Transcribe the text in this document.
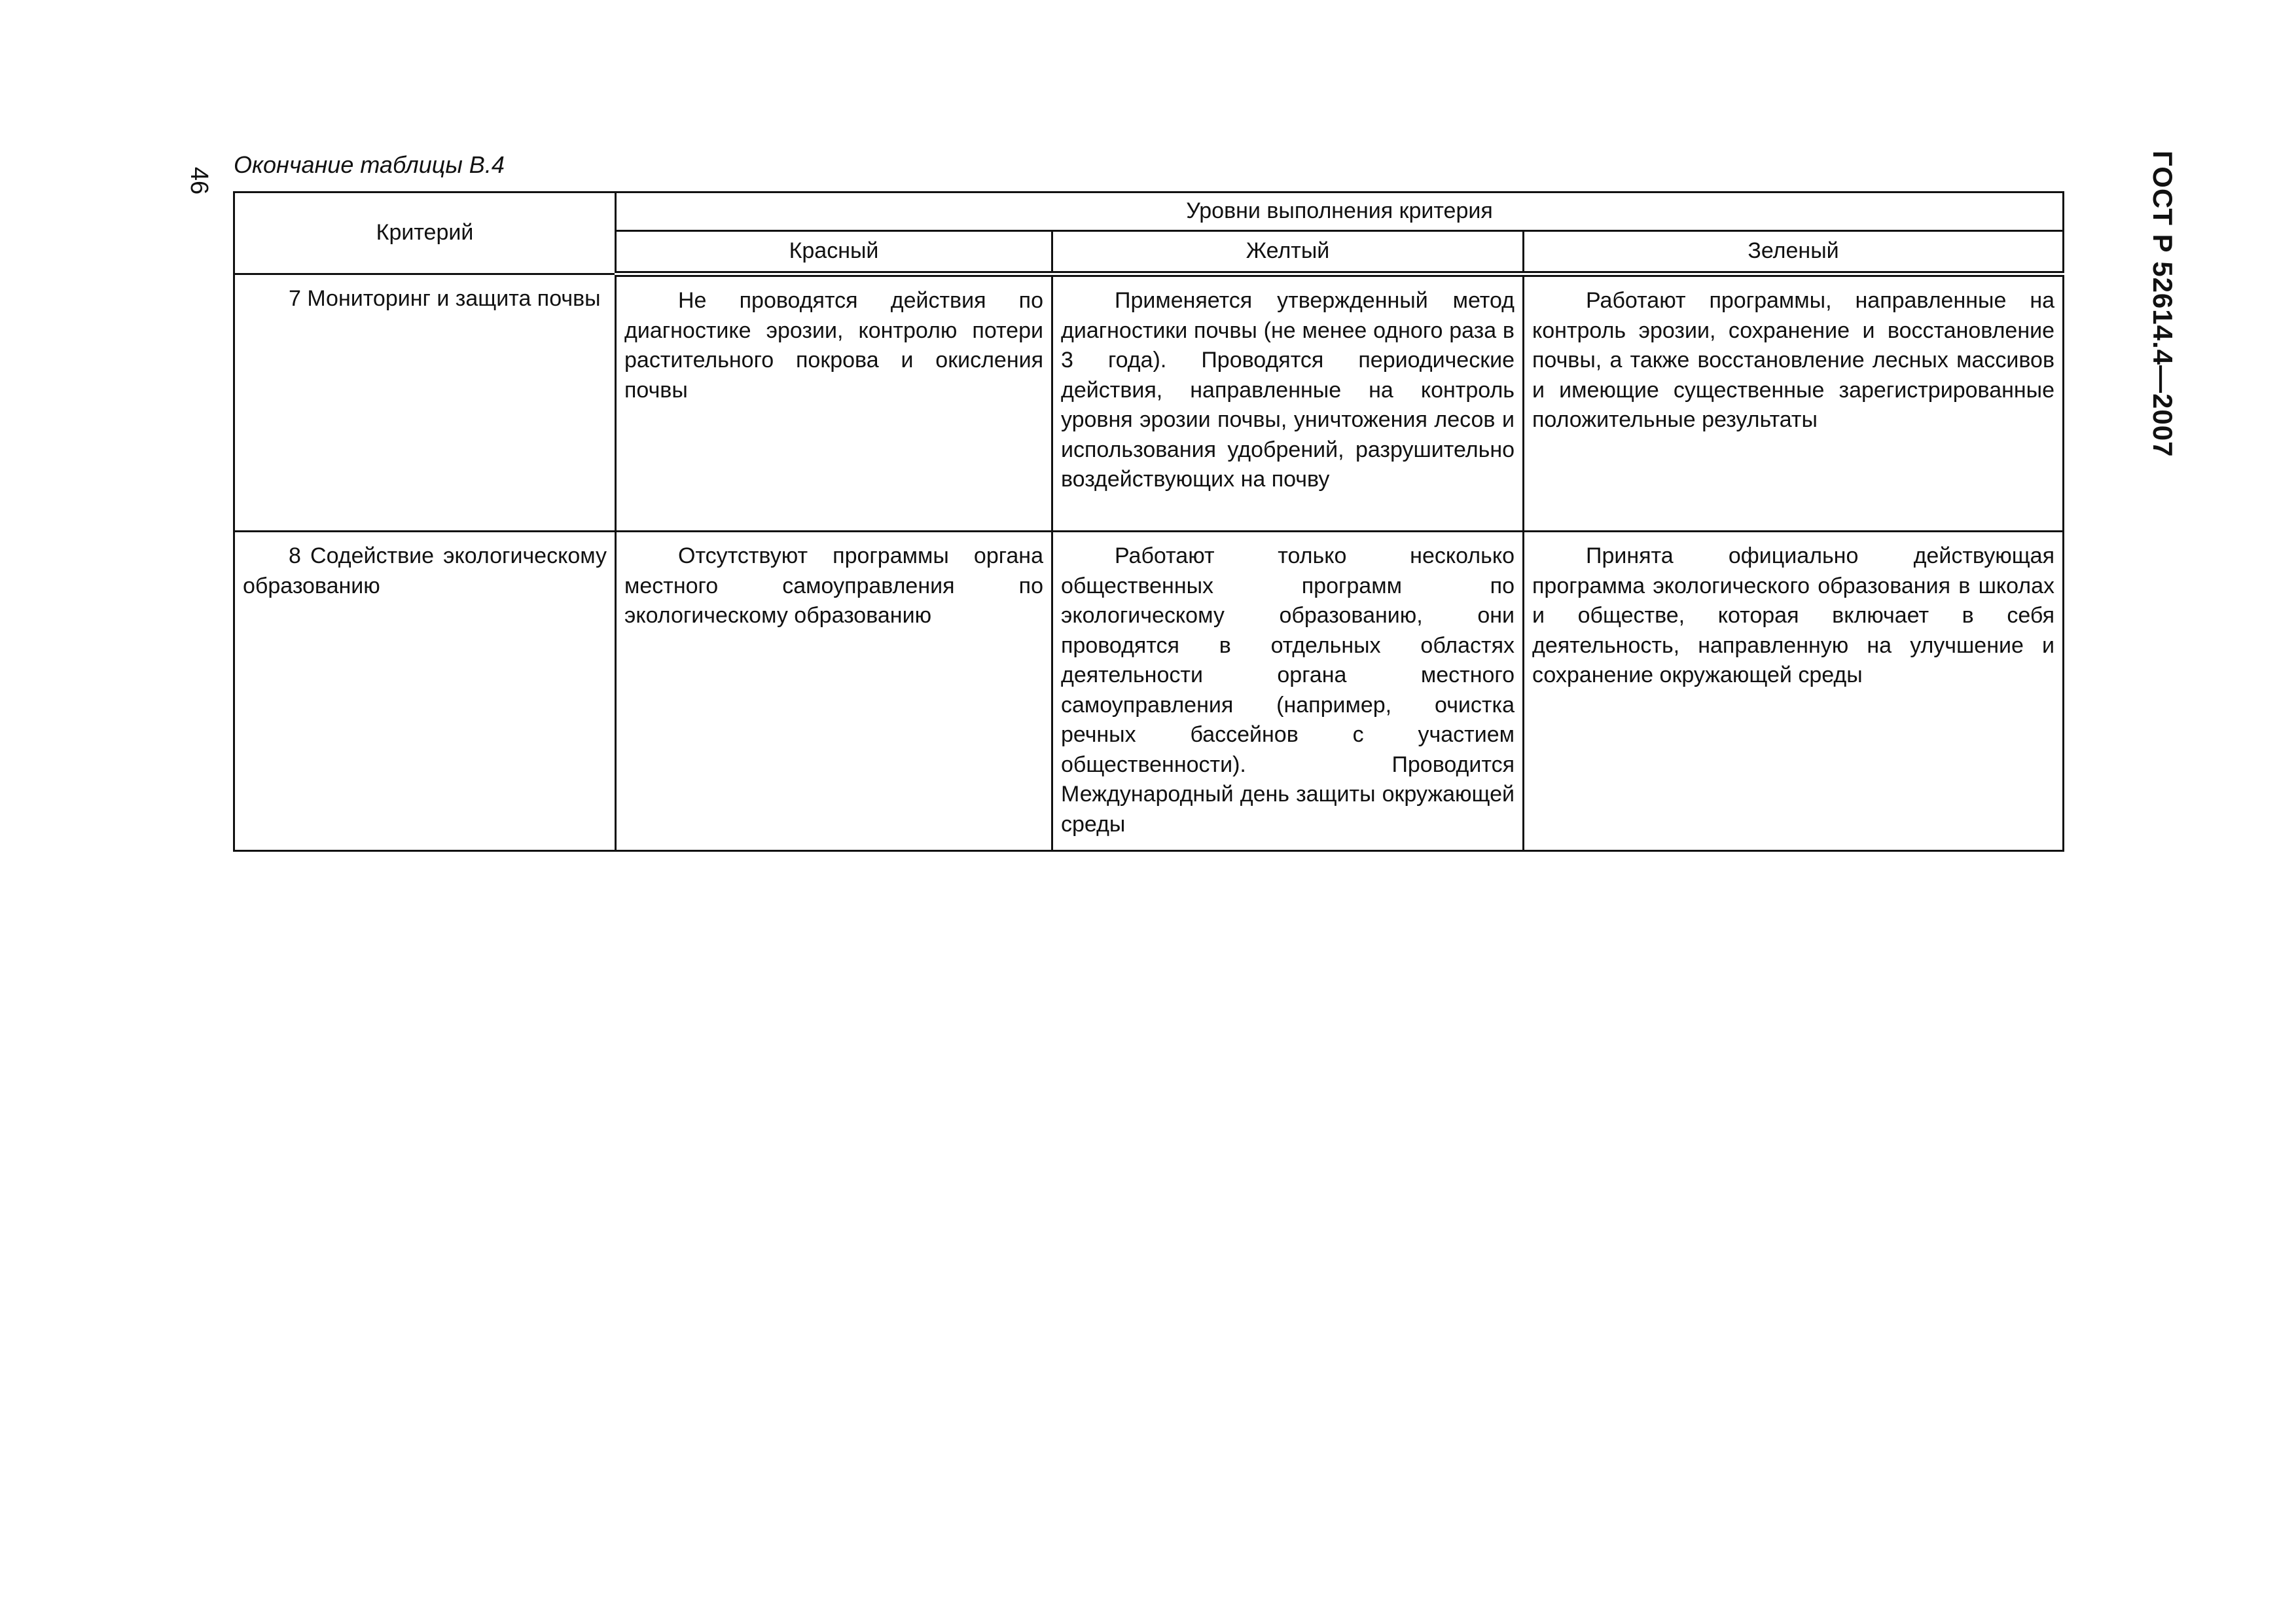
46
Окончание таблицы В.4	ГОСТ Р 52614.4—2007
Критерий	Уровни выполнения критерия		
	Красный	Желтый	Зеленый
7 Мониторинг и защита почвы	Не проводятся действия по диагностике эрозии, контролю потери растительного покрова и окисления почвы	Применяется утвержденный метод диагностики почвы (не менее одного раза в 3 года). Проводятся периодические действия, направленные на контроль уровня эрозии почвы, уничтожения лесов и использования удобрений, разрушительно воздействующих на почву	Работают программы, направленные на контроль эрозии, сохранение и восстановление почвы, а также восстановление лесных массивов и имеющие существенные зарегистрированные положительные результаты
8 Содействие экологическому образованию	Отсутствуют программы органа местного самоуправления по экологическому образованию	Работают только несколько общественных программ по экологическому образованию, они проводятся в отдельных областях деятельности органа местного самоуправления (например, очистка речных бассейнов с участием общественности). Проводится Международный день защиты окружающей среды	Принята официально действующая программа экологического образования в школах и обществе, которая включает в себя деятельность, направленную на улучшение и сохранение окружающей среды
